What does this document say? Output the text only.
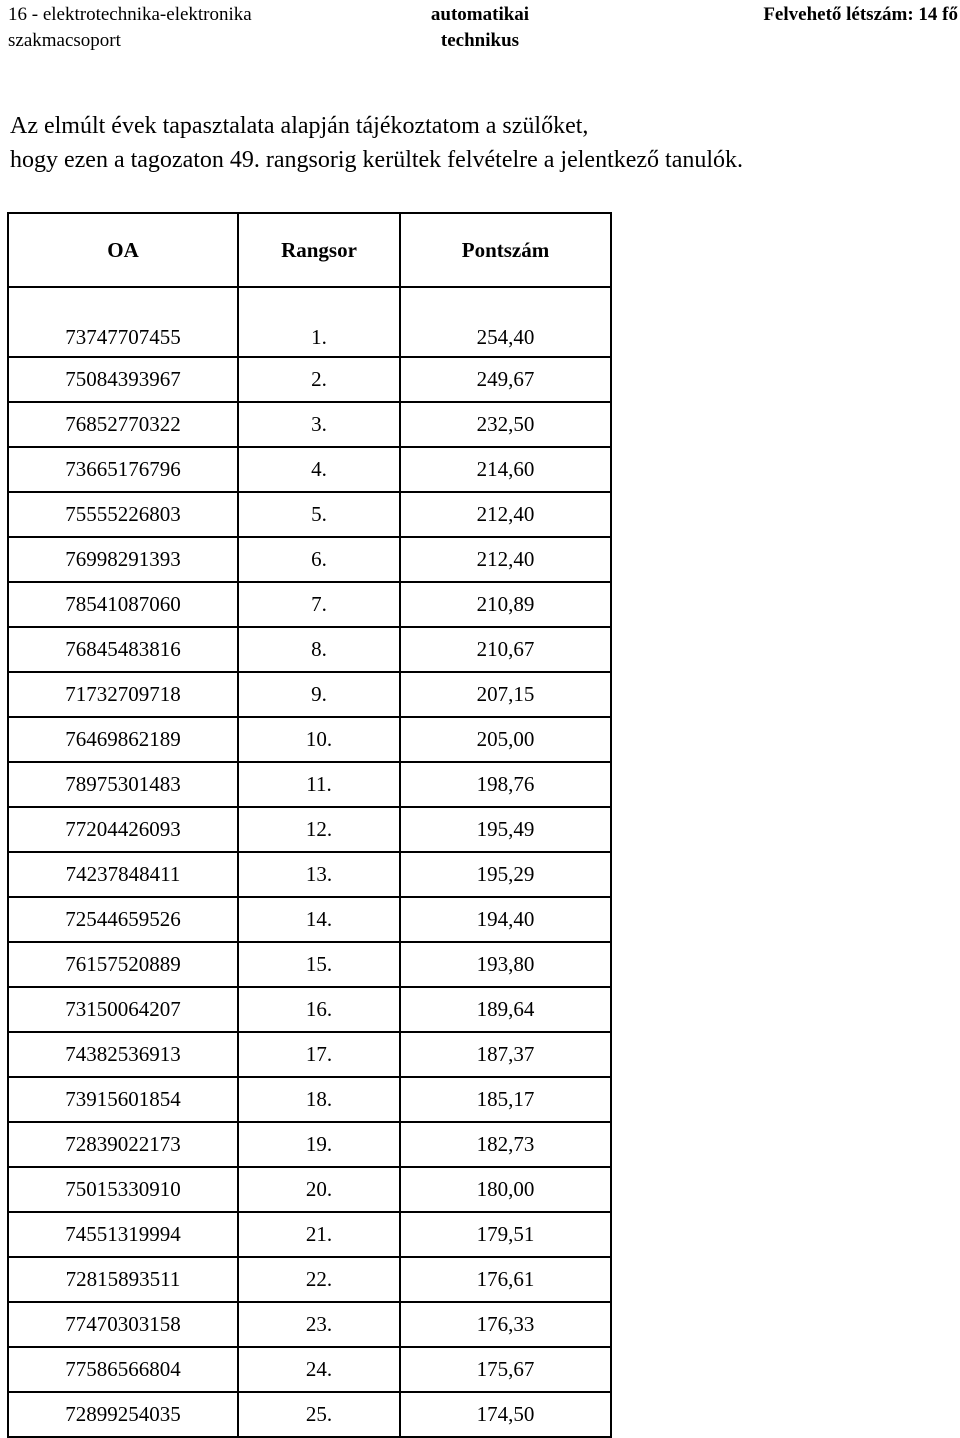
16 - elektrotechnika-elektronika
szakmacsoport
automatikai
technikus
Felvehető létszám: 14 fő
Az elmúlt évek tapasztalata alapján tájékoztatom a szülőket,
hogy ezen a tagozaton 49. rangsorig kerültek felvételre a jelentkező tanulók.
OA	Rangsor	Pontszám
73747707455	1.	254,40
75084393967	2.	249,67
76852770322	3.	232,50
73665176796	4.	214,60
75555226803	5.	212,40
76998291393	6.	212,40
78541087060	7.	210,89
76845483816	8.	210,67
71732709718	9.	207,15
76469862189	10.	205,00
78975301483	11.	198,76
77204426093	12.	195,49
74237848411	13.	195,29
72544659526	14.	194,40
76157520889	15.	193,80
73150064207	16.	189,64
74382536913	17.	187,37
73915601854	18.	185,17
72839022173	19.	182,73
75015330910	20.	180,00
74551319994	21.	179,51
72815893511	22.	176,61
77470303158	23.	176,33
77586566804	24.	175,67
72899254035	25.	174,50
